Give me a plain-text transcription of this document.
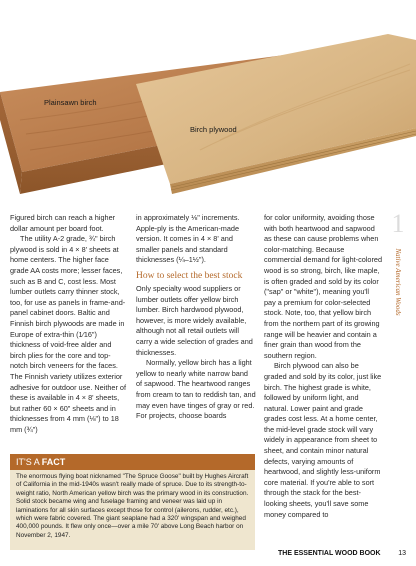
Plainsawn birch
Birch plywood

Figured birch can reach a higher dollar amount per board foot.

The utility A-2 grade, ¾" birch plywood is sold in 4 × 8' sheets at home centers. The higher face grade AA costs more; lesser faces, such as B and C, cost less. Most lumber outlets carry thinner stock, too, for use as panels in frame-and-panel cabinet doors. Baltic and Finnish birch plywoods are made in Europe of extra-thin (1⁄16") thickness of void-free alder and birch plies for the core and top-notch birch veneers for the faces. The Finnish variety utilizes exterior adhesive for outdoor use. Neither of these is available in 4 × 8' sheets, but rather 60 × 60" sheets and in thicknesses from 4 mm (⅛") to 18 mm (¾")

in approximately ⅛" increments. Apple-ply is the American-made version. It comes in 4 × 8' and smaller panels and standard thicknesses (¼–1½").

How to select the best stock

Only specialty wood suppliers or lumber outlets offer yellow birch lumber. Birch hardwood plywood, however, is more widely available, although not all retail outlets will carry a wide selection of grades and thicknesses.

Normally, yellow birch has a light yellow to nearly white narrow band of sapwood. The heartwood ranges from cream to tan to reddish tan, and may even have tinges of gray or red. For projects, choose boards

for color uniformity, avoiding those with both heartwood and sapwood as these can cause problems when color-matching. Because commercial demand for light-colored wood is so strong, birch, like maple, is often graded and sold by its color ("sap" or "white"), meaning you'll pay a premium for color-selected stock. Note, too, that yellow birch from the northern part of its growing range will be heavier and contain a finer grain than wood from the southern region.

Birch plywood can also be graded and sold by its color, just like birch. The highest grade is white, followed by uniform light, and natural. Lower paint and grade grades cost less. At a home center, the mid-level grade stock will vary widely in appearance from sheet to sheet, and contain minor natural defects, varying amounts of heartwood, and slightly less-uniform core material. If you're able to sort through the stack for the best-looking sheets, you'll save some money compared to

IT'S A FACT
The enormous flying boat nicknamed "The Spruce Goose" built by Hughes Aircraft of California in the mid-1940s wasn't really made of spruce. Due to its strength-to-weight ratio, North American yellow birch was the primary wood in its construction. Solid stock became wing and fuselage framing and veneer was laid up in laminations for all skin surfaces except those for control (ailerons, rudder, etc.), which were fabric covered. The giant seaplane had a 320' wingspan and weighed 400,000 pounds. It flew only once—over a mile 70' above Long Beach harbor on November 2, 1947.
1
Native American Woods
THE ESSENTIAL WOOD BOOK	13
